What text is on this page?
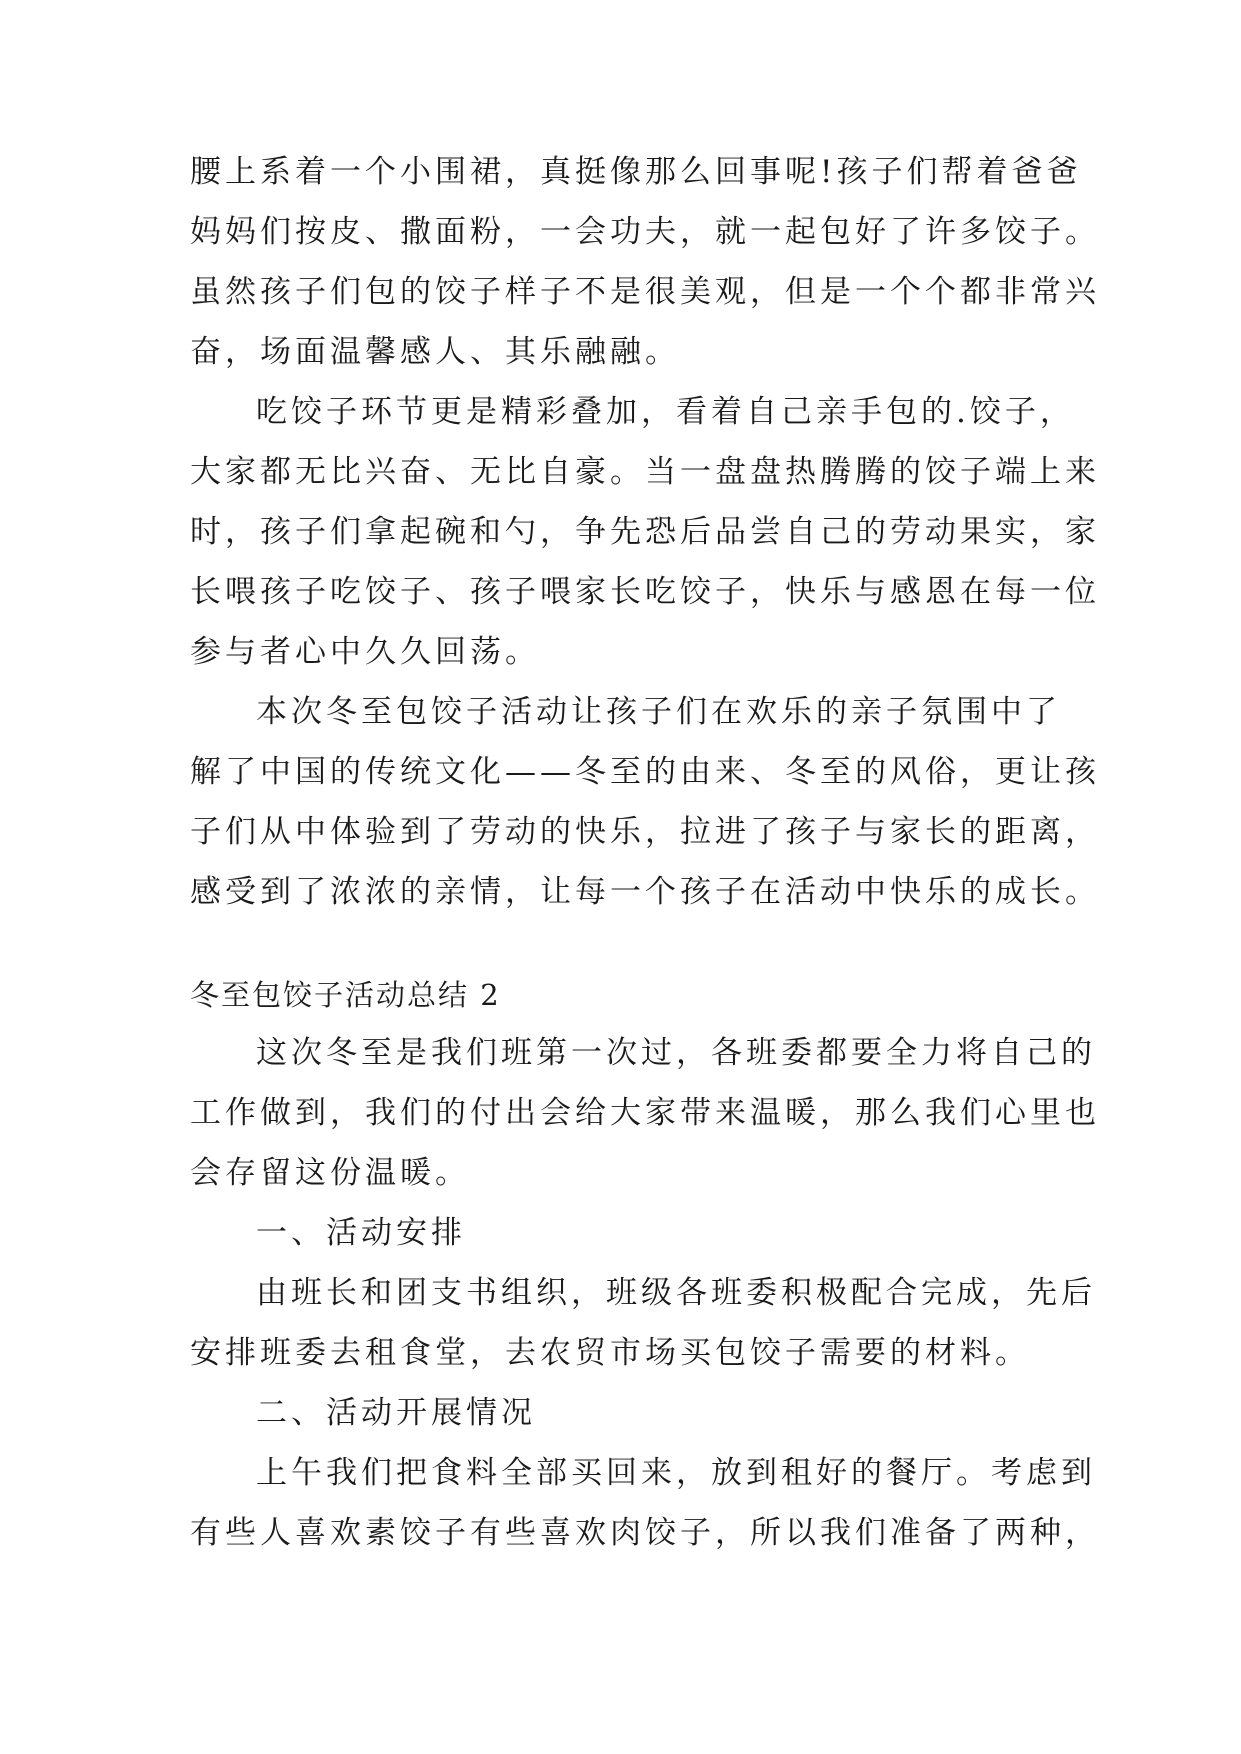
腰上系着一个小围裙，真挺像那么回事呢!孩子们帮着爸爸
妈妈们按皮、撒面粉，一会功夫，就一起包好了许多饺子。
虽然孩子们包的饺子样子不是很美观，但是一个个都非常兴
奋，场面温馨感人、其乐融融。
吃饺子环节更是精彩叠加，看着自己亲手包的.饺子，
大家都无比兴奋、无比自豪。当一盘盘热腾腾的饺子端上来
时，孩子们拿起碗和勺，争先恐后品尝自己的劳动果实，家
长喂孩子吃饺子、孩子喂家长吃饺子，快乐与感恩在每一位
参与者心中久久回荡。
本次冬至包饺子活动让孩子们在欢乐的亲子氛围中了
解了中国的传统文化——冬至的由来、冬至的风俗，更让孩
子们从中体验到了劳动的快乐，拉进了孩子与家长的距离，
感受到了浓浓的亲情，让每一个孩子在活动中快乐的成长。
冬至包饺子活动总结 2
这次冬至是我们班第一次过，各班委都要全力将自己的
工作做到，我们的付出会给大家带来温暖，那么我们心里也
会存留这份温暖。
一、活动安排
由班长和团支书组织，班级各班委积极配合完成，先后
安排班委去租食堂，去农贸市场买包饺子需要的材料。
二、活动开展情况
上午我们把食料全部买回来，放到租好的餐厅。考虑到
有些人喜欢素饺子有些喜欢肉饺子，所以我们准备了两种，
